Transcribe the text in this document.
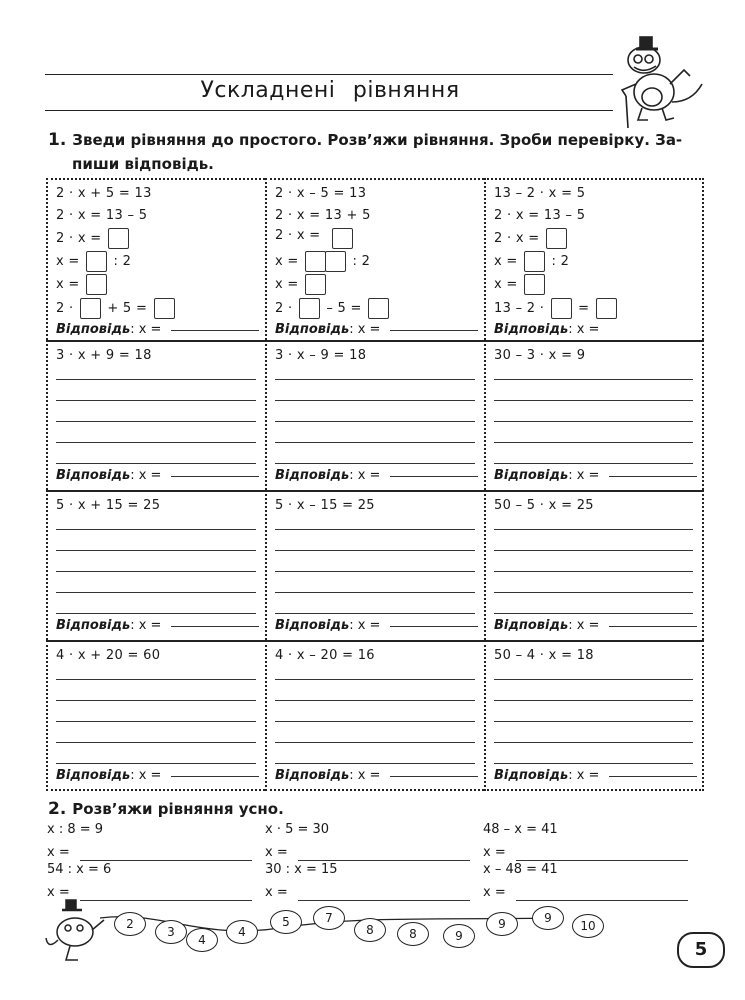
Ускладнені рівняння
1. Зведи рівняння до простого. Розв’яжи рівняння. Зроби перевірку. За-
пиши відповідь.
2 · x + 5 = 13
2 · x = 13 – 5
2 · x =
x =	: 2
x =
2 ·	+ 5 =
Відповідь: x =
2 · x – 5 = 13
2 · x = 13 + 5
2 · x =
x =	: 2
x =
2 ·	– 5 =
Відповідь: x =
13 – 2 · x = 5
2 · x = 13 – 5
2 · x =
x =	: 2
x =
13 – 2 ·	=
Відповідь: x =
3 · x + 9 = 18
Відповідь: x =
3 · x – 9 = 18
Відповідь: x =
30 – 3 · x = 9
Відповідь: x =
5 · x + 15 = 25
Відповідь: x =
5 · x – 15 = 25
Відповідь: x =
50 – 5 · x = 25
Відповідь: x =
4 · x + 20 = 60
Відповідь: x =
4 · x – 20 = 16
Відповідь: x =
50 – 4 · x = 18
Відповідь: x =
2. Розв’яжи рівняння усно.
x : 8 = 9
x =
x · 5 = 30
x =
48 – x = 41
x =
54 : x = 6
x =
30 : x = 15
x =
x – 48 = 41
x =
2
3
4
4
5	7
8	8	9
9	9
10
5
